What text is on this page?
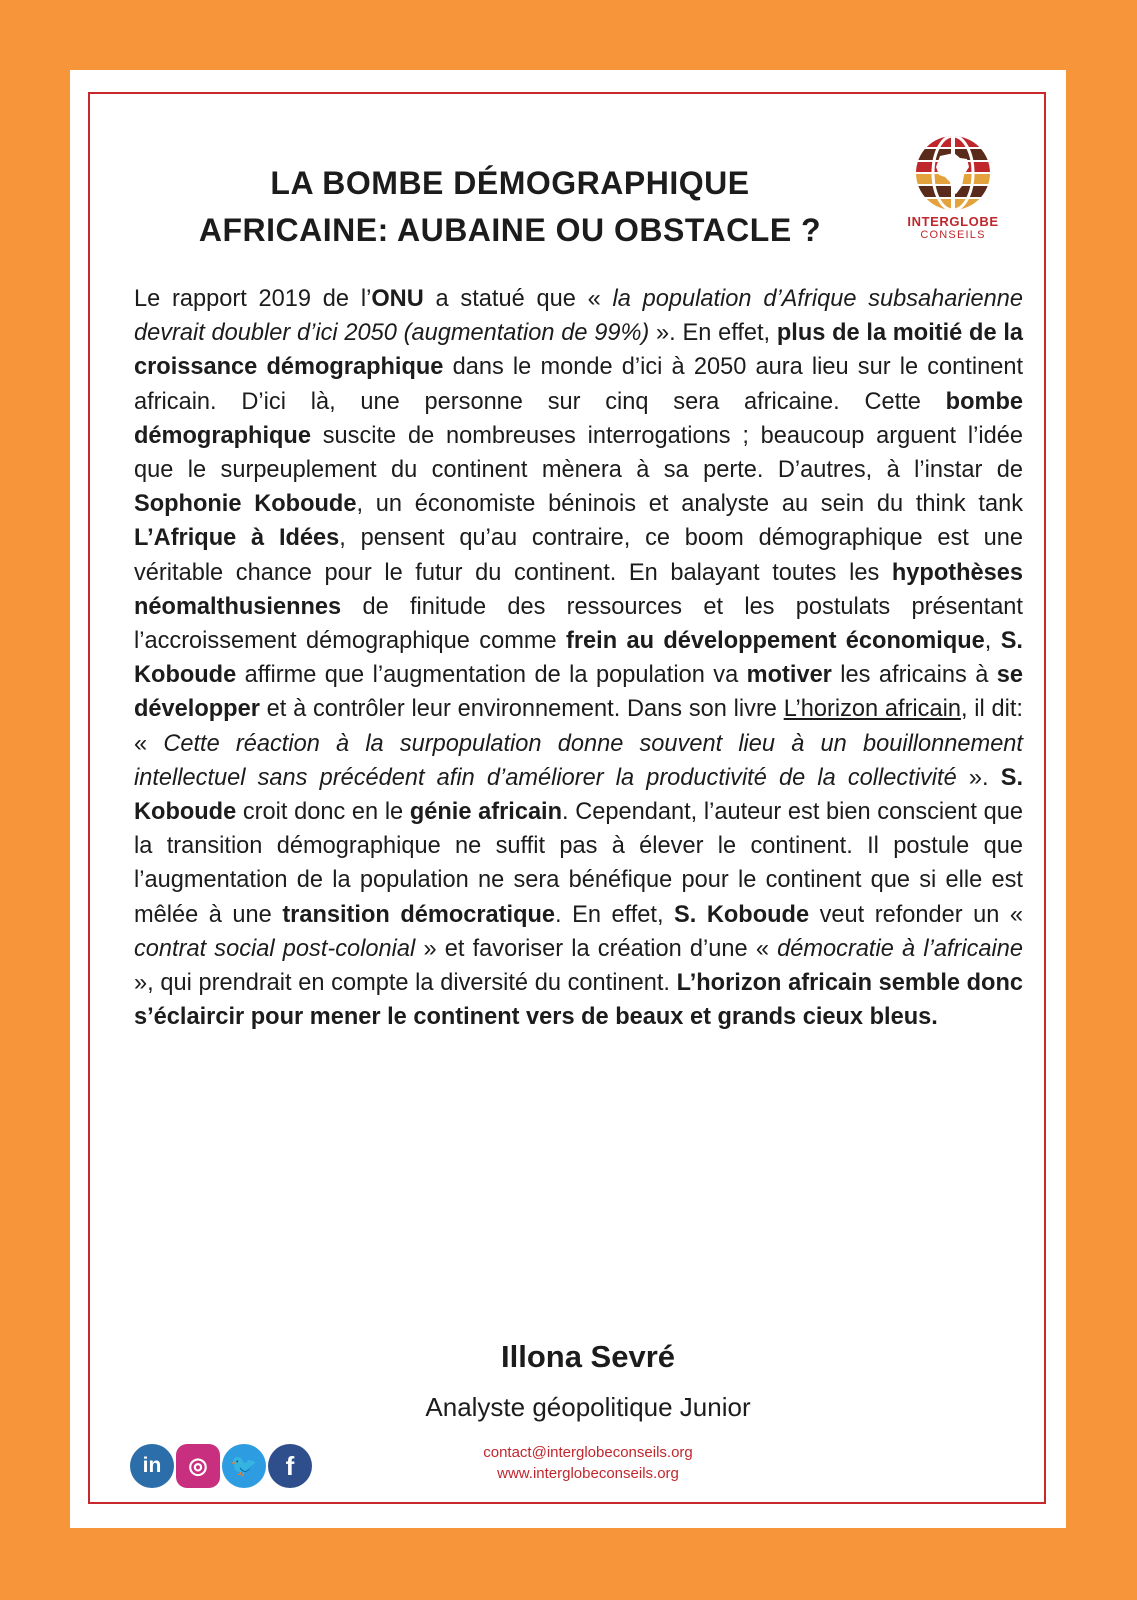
LA BOMBE DÉMOGRAPHIQUE
AFRICAINE: AUBAINE OU OBSTACLE ?	INTERGLOBE
CONSEILS
Le rapport 2019 de l’ONU a statué que « la population d’Afrique subsaharienne devrait doubler d’ici 2050 (augmentation de 99%) ». En effet, plus de la moitié de la croissance démographique dans le monde d’ici à 2050 aura lieu sur le continent africain. D’ici là, une personne sur cinq sera africaine. Cette bombe démographique suscite de nombreuses interrogations ; beaucoup arguent l’idée que le surpeuplement du continent mènera à sa perte. D’autres, à l’instar de Sophonie Koboude, un économiste béninois et analyste au sein du think tank L’Afrique à Idées, pensent qu’au contraire, ce boom démographique est une véritable chance pour le futur du continent. En balayant toutes les hypothèses néomalthusiennes de finitude des ressources et les postulats présentant l’accroissement démographique comme frein au développement économique, S. Koboude affirme que l’augmentation de la population va motiver les africains à se développer et à contrôler leur environnement. Dans son livre L’horizon africain, il dit: « Cette réaction à la surpopulation donne souvent lieu à un bouillonnement intellectuel sans précédent afin d’améliorer la productivité de la collectivité ». S. Koboude croit donc en le génie africain. Cependant, l’auteur est bien conscient que la transition démographique ne suffit pas à élever le continent. Il postule que l’augmentation de la population ne sera bénéfique pour le continent que si elle est mêlée à une transition démocratique. En effet, S. Koboude veut refonder un « contrat social post-colonial » et favoriser la création d’une « démocratie à l’africaine », qui prendrait en compte la diversité du continent. L’horizon africain semble donc s’éclaircir pour mener le continent vers de beaux et grands cieux bleus.
Illona Sevré
Analyste géopolitique Junior
contact@interglobeconseils.org
www.interglobeconseils.org
in	◎	🐦	f
